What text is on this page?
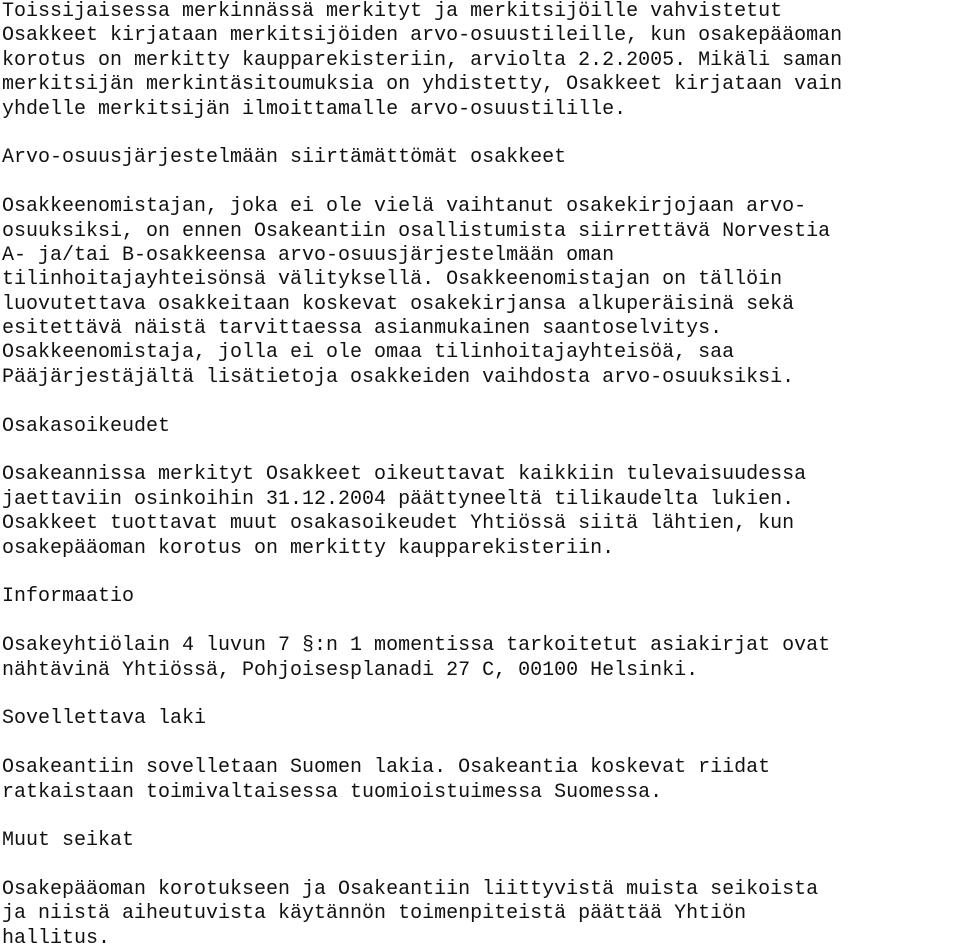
Toissijaisessa merkinnässä merkityt ja merkitsijöille vahvistetut
Osakkeet kirjataan merkitsijöiden arvo-osuustileille, kun osakepääoman
korotus on merkitty kaupparekisteriin, arviolta 2.2.2005. Mikäli saman
merkitsijän merkintäsitoumuksia on yhdistetty, Osakkeet kirjataan vain
yhdelle merkitsijän ilmoittamalle arvo-osuustilille.
Arvo-osuusjärjestelmään siirtämättömät osakkeet
Osakkeenomistajan, joka ei ole vielä vaihtanut osakekirjojaan arvo-
osuuksiksi, on ennen Osakeantiin osallistumista siirrettävä Norvestia
A- ja/tai B-osakkeensa arvo-osuusjärjestelmään oman
tilinhoitajayhteisönsä välityksellä. Osakkeenomistajan on tällöin
luovutettava osakkeitaan koskevat osakekirjansa alkuperäisinä sekä
esitettävä näistä tarvittaessa asianmukainen saantoselvitys.
Osakkeenomistaja, jolla ei ole omaa tilinhoitajayhteisöä, saa
Pääjärjestäjältä lisätietoja osakkeiden vaihdosta arvo-osuuksiksi.
Osakasoikeudet
Osakeannissa merkityt Osakkeet oikeuttavat kaikkiin tulevaisuudessa
jaettaviin osinkoihin 31.12.2004 päättyneeltä tilikaudelta lukien.
Osakkeet tuottavat muut osakasoikeudet Yhtiössä siitä lähtien, kun
osakepääoman korotus on merkitty kaupparekisteriin.
Informaatio
Osakeyhtiölain 4 luvun 7 §:n 1 momentissa tarkoitetut asiakirjat ovat
nähtävinä Yhtiössä, Pohjoisesplanadi 27 C, 00100 Helsinki.
Sovellettava laki
Osakeantiin sovelletaan Suomen lakia. Osakeantia koskevat riidat
ratkaistaan toimivaltaisessa tuomioistuimessa Suomessa.
Muut seikat
Osakepääoman korotukseen ja Osakeantiin liittyvistä muista seikoista
ja niistä aiheutuvista käytännön toimenpiteistä päättää Yhtiön
hallitus.
